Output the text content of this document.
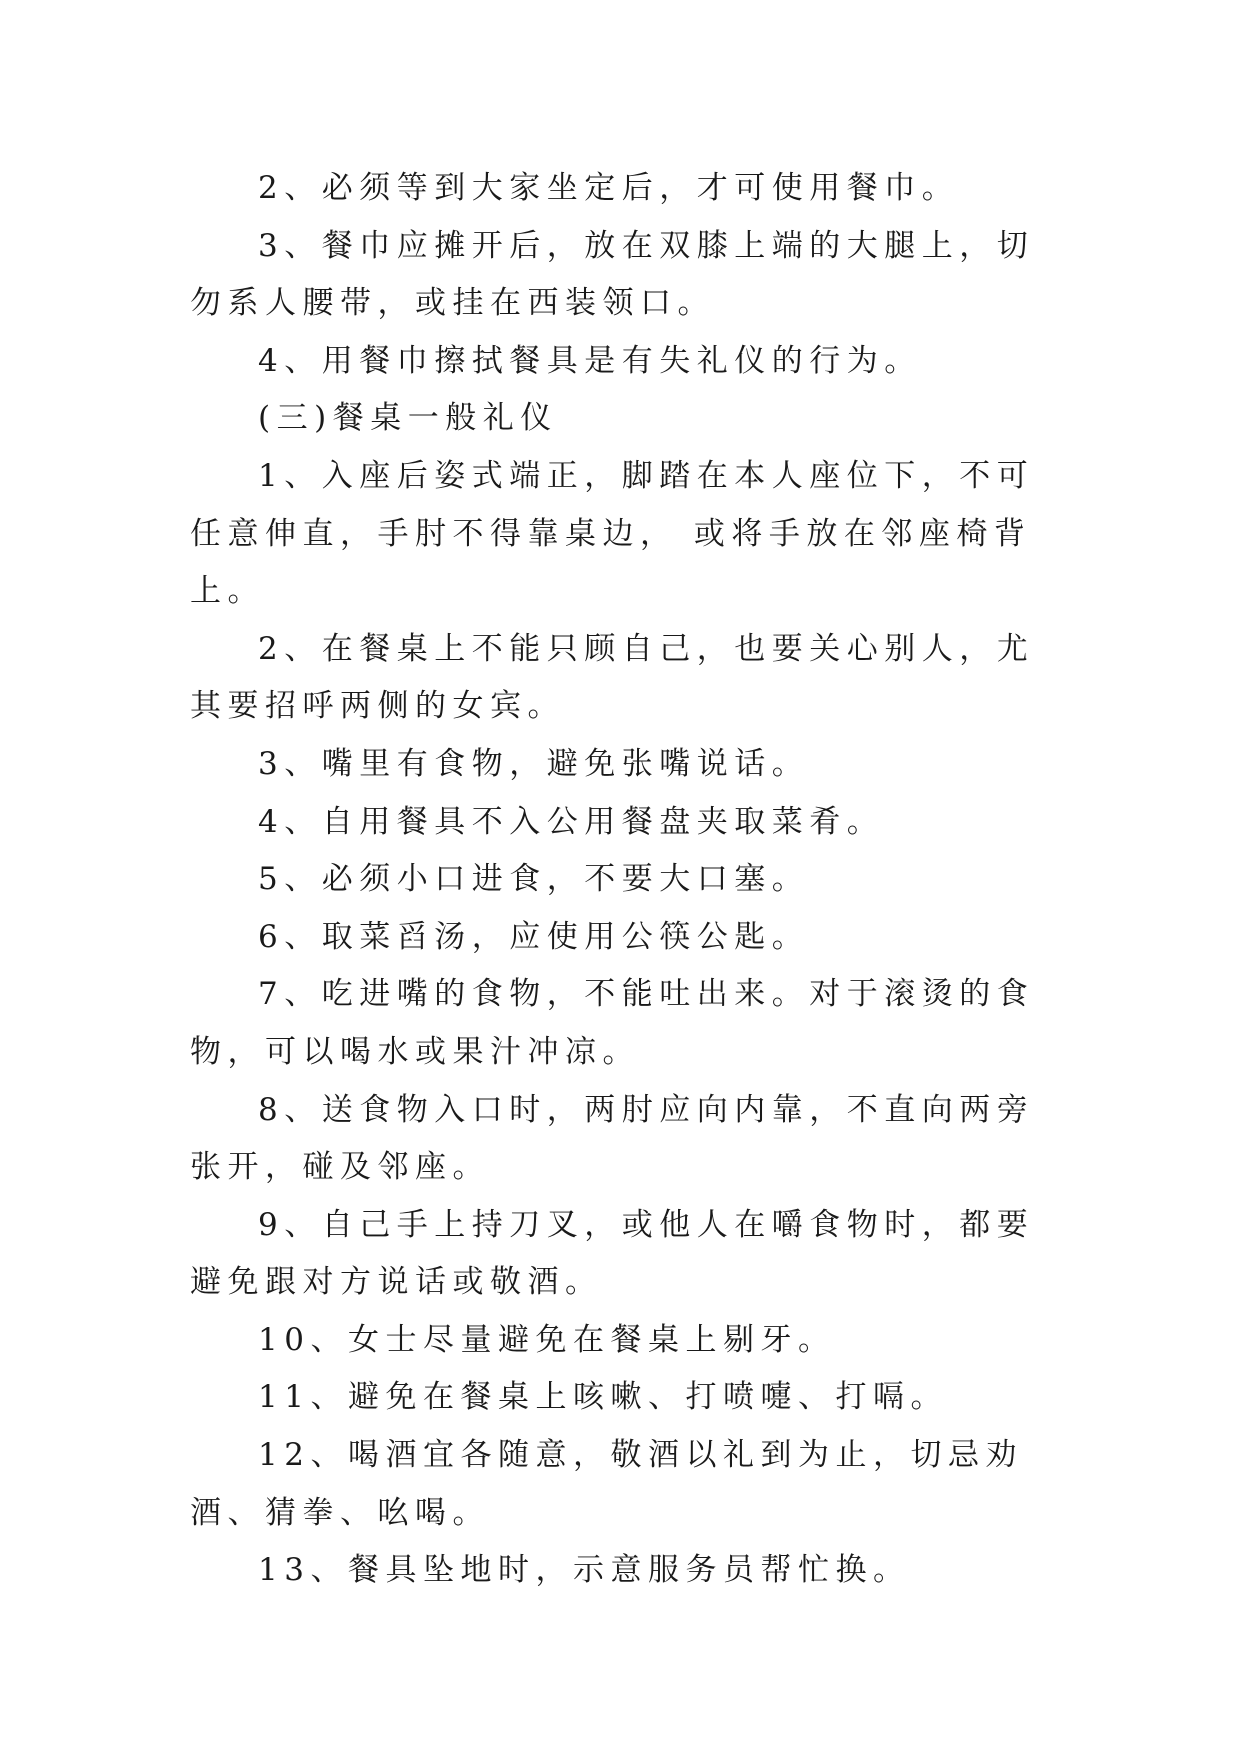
2、必须等到大家坐定后，才可使用餐巾。

3、餐巾应摊开后，放在双膝上端的大腿上，切勿系人腰带，或挂在西装领口。

4、用餐巾擦拭餐具是有失礼仪的行为。

(三)餐桌一般礼仪

1、入座后姿式端正，脚踏在本人座位下，不可任意伸直，手肘不得靠桌边， 或将手放在邻座椅背上。

2、在餐桌上不能只顾自己，也要关心别人，尤其要招呼两侧的女宾。

3、嘴里有食物，避免张嘴说话。

4、自用餐具不入公用餐盘夹取菜肴。

5、必须小口进食，不要大口塞。

6、取菜舀汤，应使用公筷公匙。

7、吃进嘴的食物，不能吐出来。对于滚烫的食物，可以喝水或果汁冲凉。

8、送食物入口时，两肘应向内靠，不直向两旁张开，碰及邻座。

9、自己手上持刀叉，或他人在嚼食物时，都要避免跟对方说话或敬酒。

10、女士尽量避免在餐桌上剔牙。

11、避免在餐桌上咳嗽、打喷嚏、打嗝。

12、喝酒宜各随意，敬酒以礼到为止，切忌劝酒、猜拳、吆喝。

13、餐具坠地时，示意服务员帮忙换。
